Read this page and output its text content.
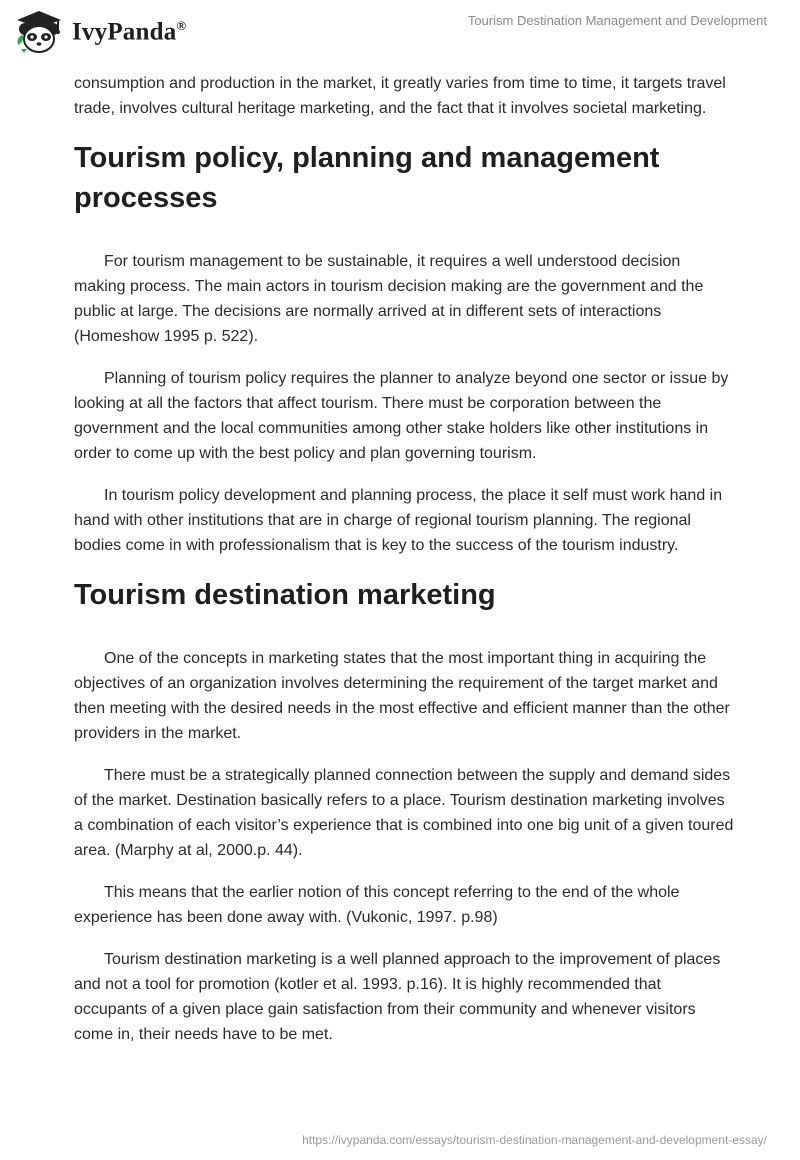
IvyPanda®	Tourism Destination Management and Development

consumption and production in the market, it greatly varies from time to time, it targets travel trade, involves cultural heritage marketing, and the fact that it involves societal marketing.

Tourism policy, planning and management processes

For tourism management to be sustainable, it requires a well understood decision making process. The main actors in tourism decision making are the government and the public at large. The decisions are normally arrived at in different sets of interactions (Homeshow 1995 p. 522).

Planning of tourism policy requires the planner to analyze beyond one sector or issue by looking at all the factors that affect tourism. There must be corporation between the government and the local communities among other stake holders like other institutions in order to come up with the best policy and plan governing tourism.

In tourism policy development and planning process, the place it self must work hand in hand with other institutions that are in charge of regional tourism planning. The regional bodies come in with professionalism that is key to the success of the tourism industry.

Tourism destination marketing

One of the concepts in marketing states that the most important thing in acquiring the objectives of an organization involves determining the requirement of the target market and then meeting with the desired needs in the most effective and efficient manner than the other providers in the market.

There must be a strategically planned connection between the supply and demand sides of the market. Destination basically refers to a place. Tourism destination marketing involves a combination of each visitor’s experience that is combined into one big unit of a given toured area. (Marphy at al, 2000.p. 44).

This means that the earlier notion of this concept referring to the end of the whole experience has been done away with. (Vukonic, 1997. p.98)

Tourism destination marketing is a well planned approach to the improvement of places and not a tool for promotion (kotler et al. 1993. p.16). It is highly recommended that occupants of a given place gain satisfaction from their community and whenever visitors come in, their needs have to be met.

https://ivypanda.com/essays/tourism-destination-management-and-development-essay/
